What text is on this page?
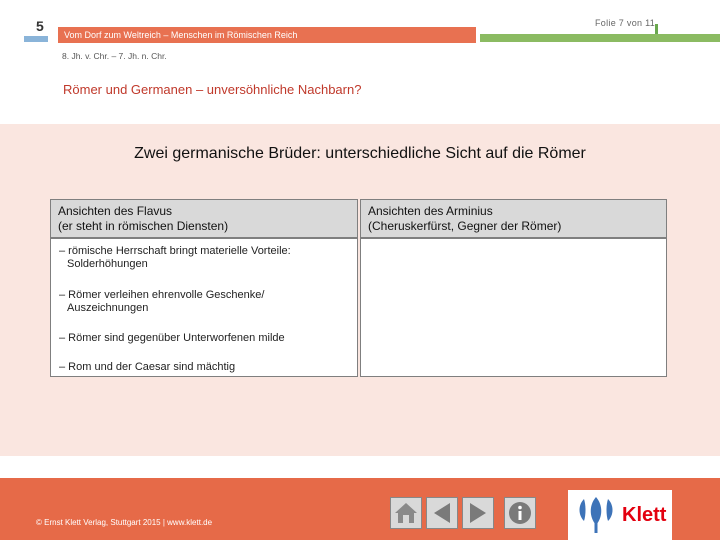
5	Folie 7 von 11
Vom Dorf zum Weltreich – Menschen im Römischen Reich
8. Jh. v. Chr. – 7. Jh. n. Chr.
Römer und Germanen – unversöhnliche Nachbarn?
Zwei germanische Brüder: unterschiedliche Sicht auf die Römer
Ansichten des Flavus
(er steht in römischen Diensten)
Ansichten des Arminius
(Cheruskerfürst, Gegner der Römer)
– römische Herrschaft bringt materielle Vorteile:
Solderhöhungen
– Römer verleihen ehrenvolle Geschenke/
Auszeichnungen
– Römer sind gegenüber Unterworfenen milde
– Rom und der Caesar sind mächtig
© Ernst Klett Verlag, Stuttgart 2015 | www.klett.de	Klett
